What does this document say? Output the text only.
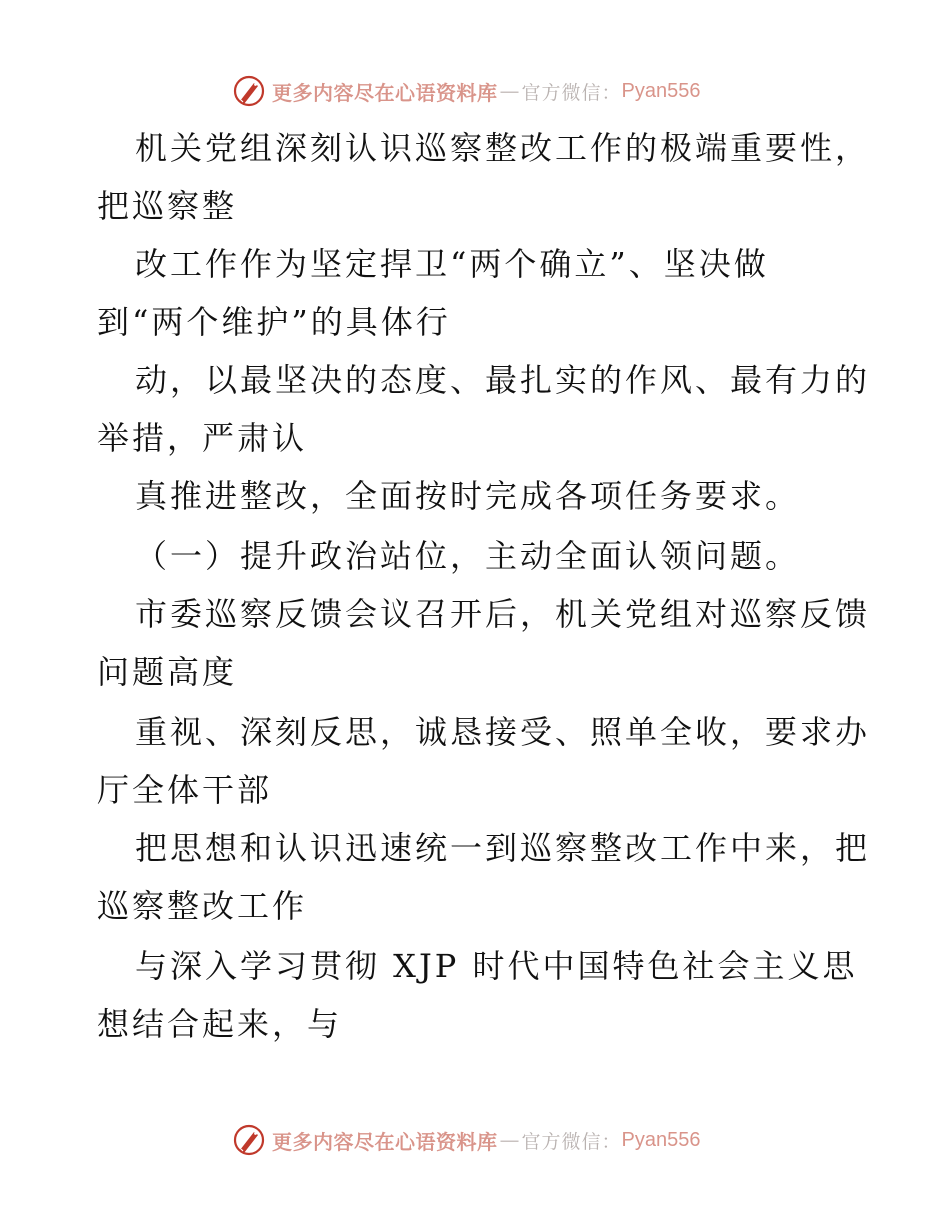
更多内容尽在心语资料库 — 官方微信： Pyan556
机关党组深刻认识巡察整改工作的极端重要性，
把巡察整
改工作作为坚定捍卫“两个确立”、坚决做
到“两个维护”的具体行
动，以最坚决的态度、最扎实的作风、最有力的
举措，严肃认
真推进整改，全面按时完成各项任务要求。
（一）提升政治站位，主动全面认领问题。
市委巡察反馈会议召开后，机关党组对巡察反馈
问题高度
重视、深刻反思，诚恳接受、照单全收，要求办
厅全体干部
把思想和认识迅速统一到巡察整改工作中来，把
巡察整改工作
与深入学习贯彻 XJP 时代中国特色社会主义思
想结合起来，与
更多内容尽在心语资料库 — 官方微信： Pyan556
